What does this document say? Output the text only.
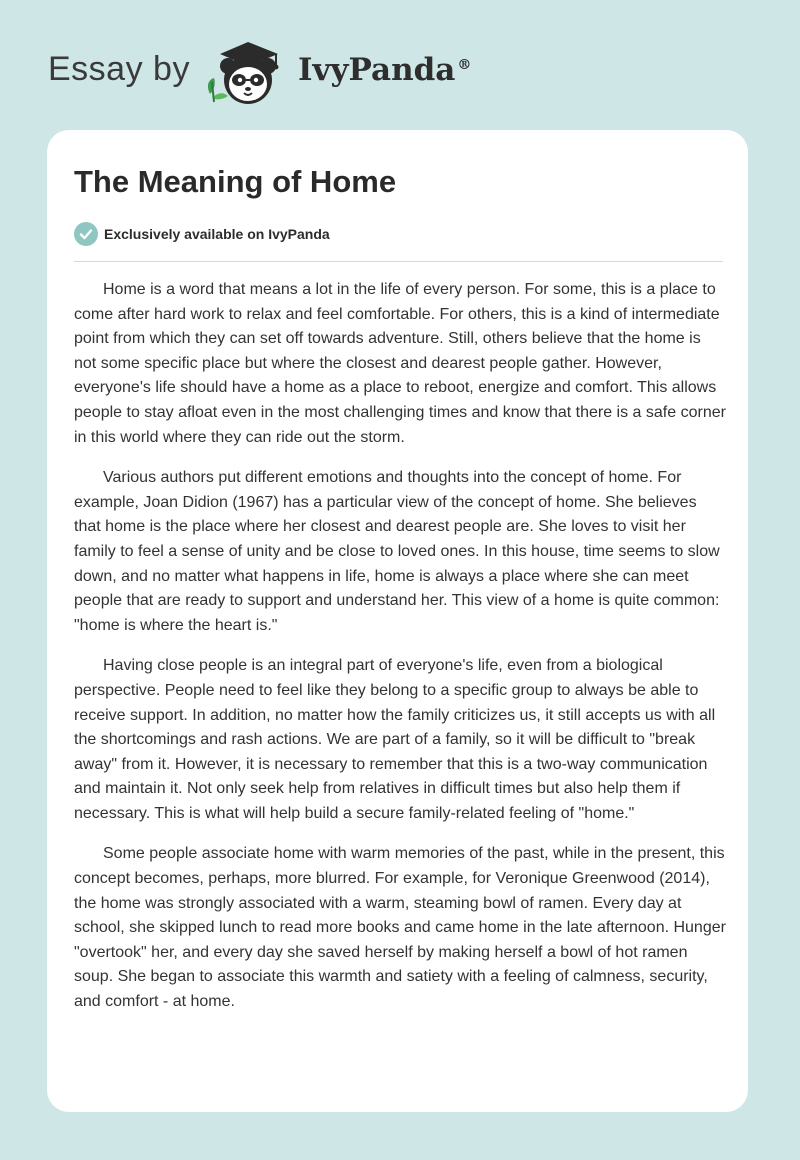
Essay by	IvyPanda ®
The Meaning of Home
Exclusively available on IvyPanda

Home is a word that means a lot in the life of every person. For some, this is a place to come after hard work to relax and feel comfortable. For others, this is a kind of intermediate point from which they can set off towards adventure. Still, others believe that the home is not some specific place but where the closest and dearest people gather. However, everyone's life should have a home as a place to reboot, energize and comfort. This allows people to stay afloat even in the most challenging times and know that there is a safe corner in this world where they can ride out the storm.

Various authors put different emotions and thoughts into the concept of home. For example, Joan Didion (1967) has a particular view of the concept of home. She believes that home is the place where her closest and dearest people are. She loves to visit her family to feel a sense of unity and be close to loved ones. In this house, time seems to slow down, and no matter what happens in life, home is always a place where she can meet people that are ready to support and understand her. This view of a home is quite common: "home is where the heart is."

Having close people is an integral part of everyone's life, even from a biological perspective. People need to feel like they belong to a specific group to always be able to receive support. In addition, no matter how the family criticizes us, it still accepts us with all the shortcomings and rash actions. We are part of a family, so it will be difficult to "break away" from it. However, it is necessary to remember that this is a two-way communication and maintain it. Not only seek help from relatives in difficult times but also help them if necessary. This is what will help build a secure family-related feeling of "home."

Some people associate home with warm memories of the past, while in the present, this concept becomes, perhaps, more blurred. For example, for Veronique Greenwood (2014), the home was strongly associated with a warm, steaming bowl of ramen. Every day at school, she skipped lunch to read more books and came home in the late afternoon. Hunger "overtook" her, and every day she saved herself by making herself a bowl of hot ramen soup. She began to associate this warmth and satiety with a feeling of calmness, security, and comfort - at home.
